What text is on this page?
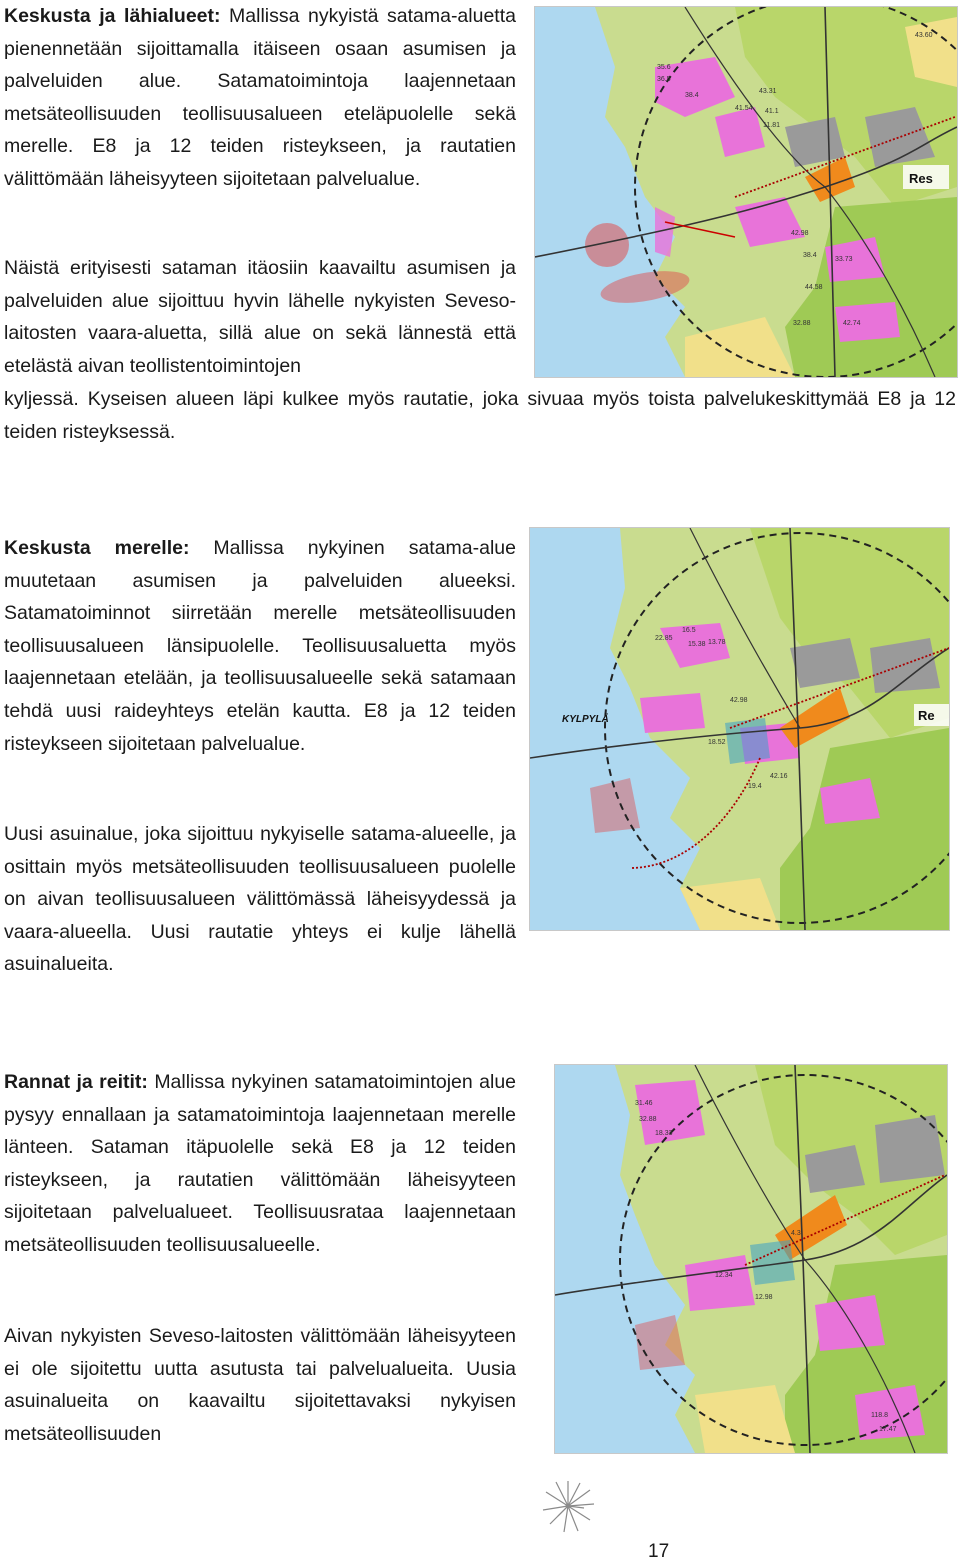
Keskusta ja lähialueet: Mallissa nykyistä satama-aluetta pienennetään sijoittamalla itäiseen osaan asumisen ja palveluiden alue. Satamatoimintoja laajennetaan metsäteollisuuden teollisuusalueen eteläpuolelle sekä merelle. E8 ja 12 teiden risteykseen, ja rautatien välittömään läheisyyteen sijoitetaan palvelualue.

Näistä erityisesti sataman itäosiin kaavailtu asumisen ja palveluiden alue sijoittuu hyvin lähelle nykyisten Seveso-laitosten vaara-aluetta, sillä alue on sekä lännestä että etelästä aivan teollistentoimintojen

kyljessä. Kyseisen alueen läpi kulkee myös rautatie, joka sivuaa myös toista palvelukeskittymää E8 ja 12 teiden risteyksessä.

35.6
36.5
38.4
43.31
41.54 41.1
11.81
42.98
38.4
33.73
44.58
42.74
32.88
43.60
Res

Keskusta merelle: Mallissa nykyinen satama-alue muutetaan asumisen ja palveluiden alueeksi. Satamatoiminnot siirretään merelle metsäteollisuuden teollisuusalueen länsipuolelle. Teollisuusaluetta myös laajennetaan etelään, ja teollisuusalueelle sekä satamaan tehdä uusi raideyhteys etelän kautta. E8 ja 12 teiden risteykseen sijoitetaan palvelualue.

Uusi asuinalue, joka sijoittuu nykyiselle satama-alueelle, ja osittain myös metsäteollisuuden teollisuusalueen puolelle on aivan teollisuusalueen välittömässä läheisyydessä ja vaara-alueella. Uusi rautatie yhteys ei kulje lähellä asuinalueita.

22.85
16.5
15.38 13.78
42.98
18.52
42.16
19.4
KYLPYLÄ	Re

Rannat ja reitit: Mallissa nykyinen satamatoimintojen alue pysyy ennallaan ja satamatoimintoja laajennetaan merelle länteen. Sataman itäpuolelle sekä E8 ja 12 teiden risteykseen, ja rautatien välittömään läheisyyteen sijoitetaan palvelualueet. Teollisuusrataa laajennetaan metsäteollisuuden teollisuusalueelle.

Aivan nykyisten Seveso-laitosten välittömään läheisyyteen ei ole sijoitettu uutta asutusta tai palvelualueita. Uusia asuinalueita on kaavailtu sijoitettavaksi nykyisen metsäteollisuuden

31.46
32.88
18.33
12.34
12.98
118.8
17.47
4.3
17
